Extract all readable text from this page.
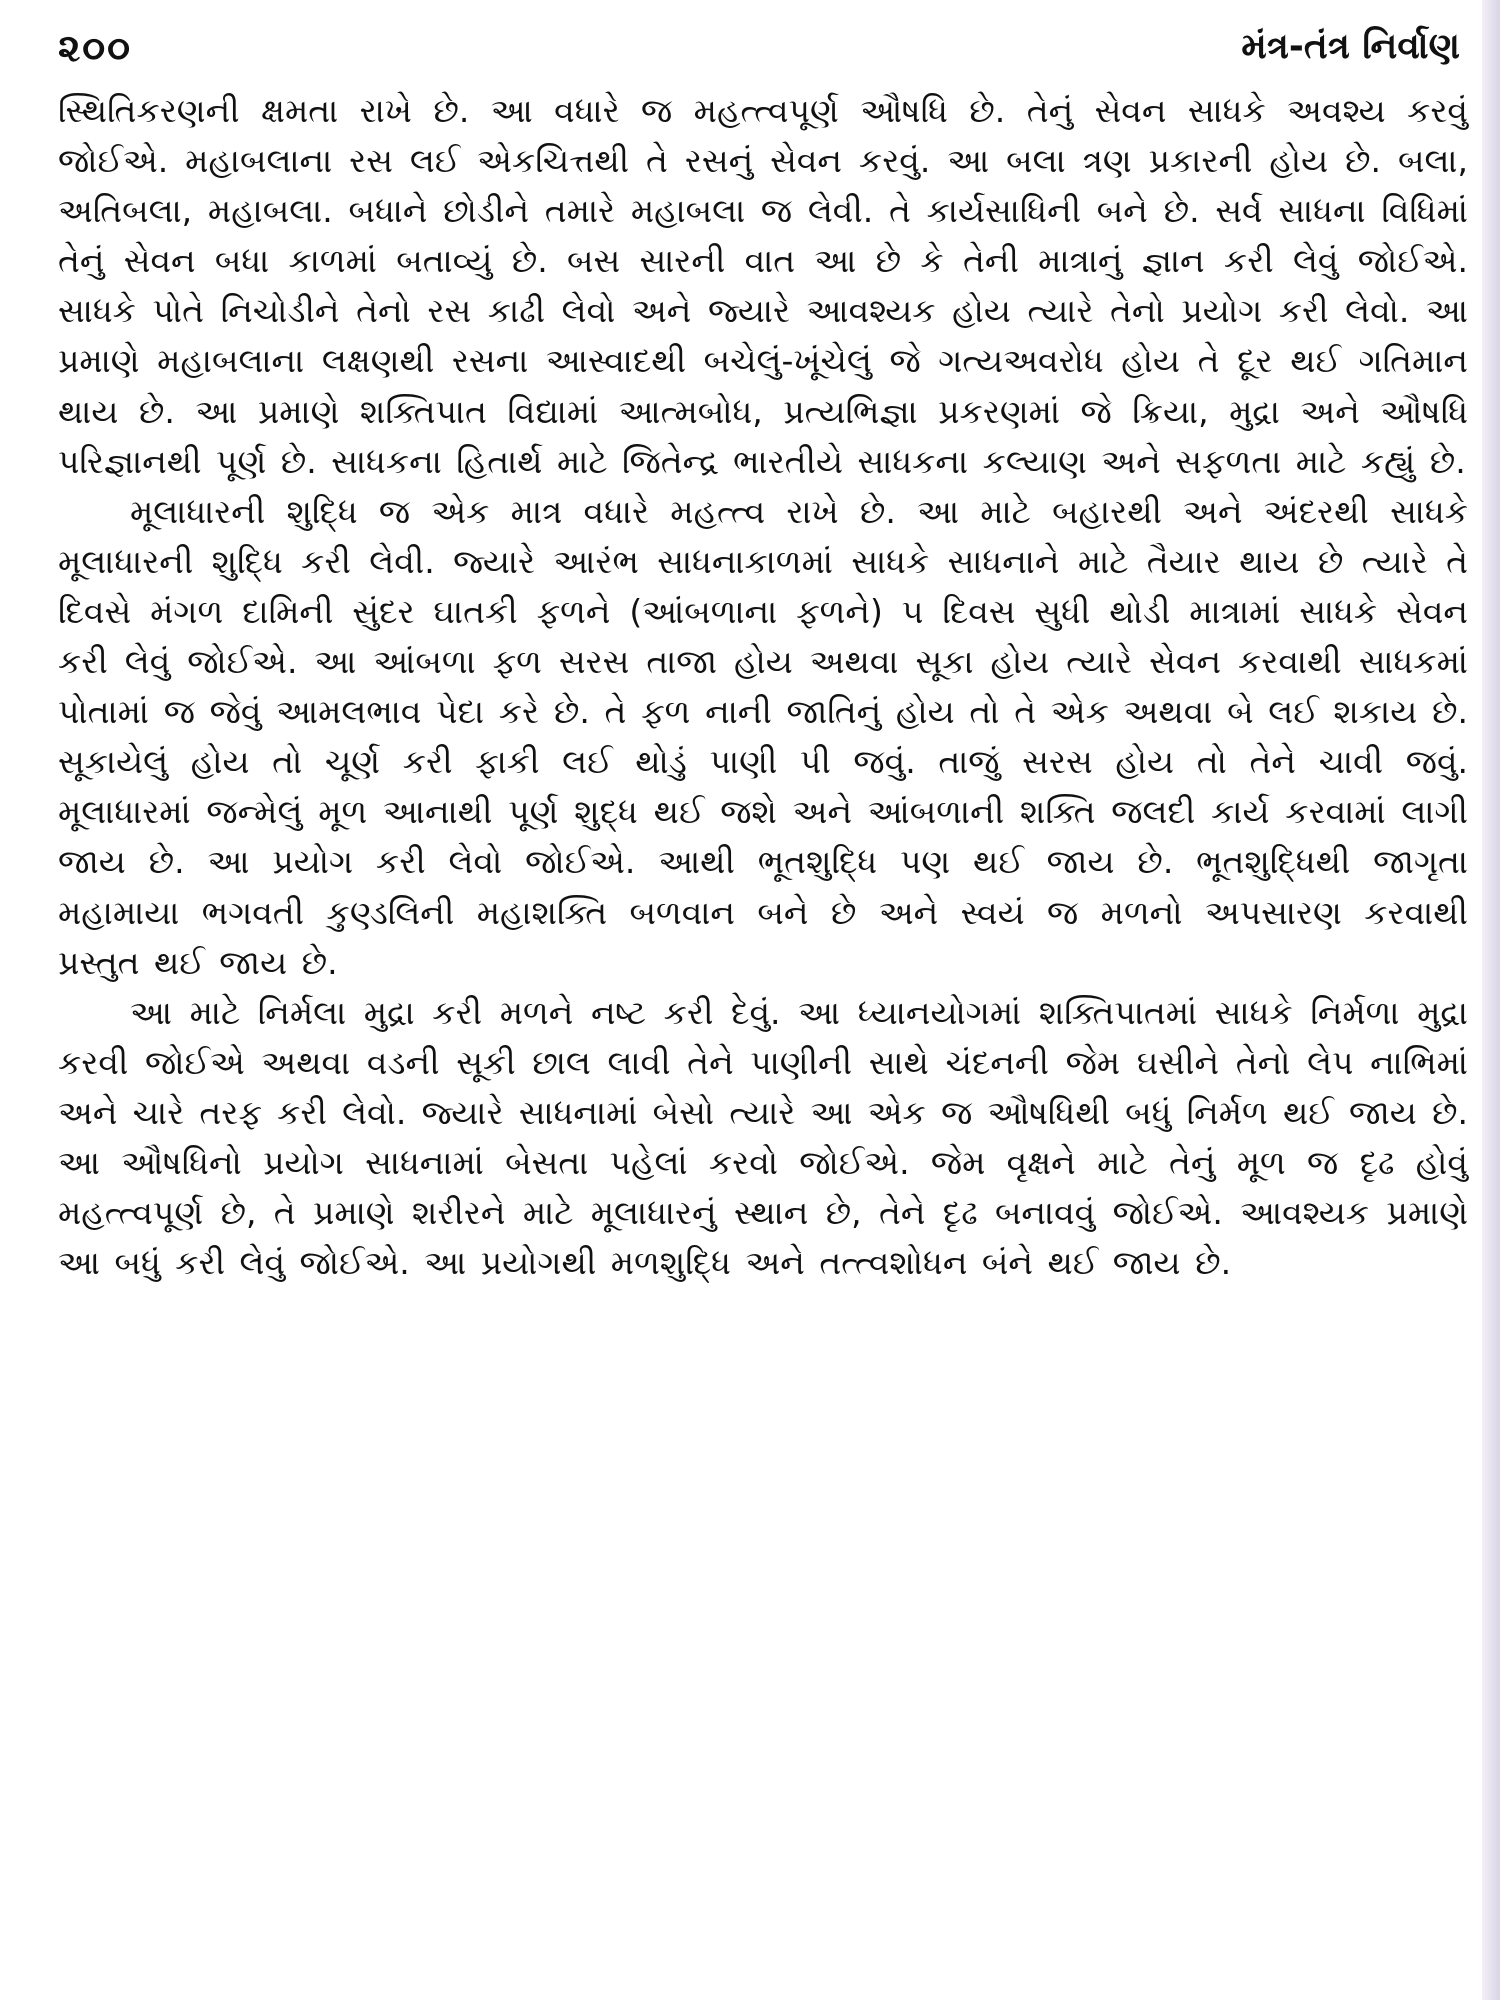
૨૦૦	મંત્ર-તંત્ર નિર્વાણ

સ્થિતિકરણની ક્ષમતા રાખે છે. આ વધારે જ મહત્ત્વપૂર્ણ ઔષધિ છે. તેનું સેવન સાધકે અવશ્ય કરવું જોઈએ. મહાબલાના રસ લઈ એકચિત્તથી તે રસનું સેવન કરવું. આ બલા ત્રણ પ્રકારની હોય છે. બલા, અતિબલા, મહાબલા. બધાને છોડીને તમારે મહાબલા જ લેવી. તે કાર્યસાધિની બને છે. સર્વ સાધના વિધિમાં તેનું સેવન બધા કાળમાં બતાવ્યું છે. બસ સારની વાત આ છે કે તેની માત્રાનું જ્ઞાન કરી લેવું જોઈએ. સાધકે પોતે નિચોડીને તેનો રસ કાઢી લેવો અને જ્યારે આવશ્યક હોય ત્યારે તેનો પ્રયોગ કરી લેવો. આ પ્રમાણે મહાબલાના લક્ષણથી રસના આસ્વાદથી બચેલું-ખૂંચેલું જે ગત્યઅવરોધ હોય તે દૂર થઈ ગતિમાન થાય છે. આ પ્રમાણે શક્તિપાત વિદ્યામાં આત્મબોધ, પ્રત્યભિજ્ઞા પ્રકરણમાં જે ક્રિયા, મુદ્રા અને ઔષધિ પરિજ્ઞાનથી પૂર્ણ છે. સાધકના હિતાર્થ માટે જિતેન્દ્ર ભારતીયે સાધકના કલ્યાણ અને સફળતા માટે કહ્યું છે.

મૂલાધારની શુદ્ધિ જ એક માત્ર વધારે મહત્ત્વ રાખે છે. આ માટે બહારથી અને અંદરથી સાધકે મૂલાધારની શુદ્ધિ કરી લેવી. જ્યારે આરંભ સાધનાકાળમાં સાધકે સાધનાને માટે તૈયાર થાય છે ત્યારે તે દિવસે મંગળ દામિની સુંદર ઘાતકી ફળને (આંબળાના ફળને) ૫ દિવસ સુધી થોડી માત્રામાં સાધકે સેવન કરી લેવું જોઈએ. આ આંબળા ફળ સરસ તાજા હોય અથવા સૂકા હોય ત્યારે સેવન કરવાથી સાધકમાં પોતામાં જ જેવું આમલભાવ પેદા કરે છે. તે ફળ નાની જાતિનું હોય તો તે એક અથવા બે લઈ શકાય છે. સૂકાયેલું હોય તો ચૂર્ણ કરી ફાકી લઈ થોડું પાણી પી જવું. તાજું સરસ હોય તો તેને ચાવી જવું. મૂલાધારમાં જન્મેલું મૂળ આનાથી પૂર્ણ શુદ્ધ થઈ જશે અને આંબળાની શક્તિ જલદી કાર્ય કરવામાં લાગી જાય છે. આ પ્રયોગ કરી લેવો જોઈએ. આથી ભૂતશુદ્ધિ પણ થઈ જાય છે. ભૂતશુદ્ધિથી જાગૃતા મહામાયા ભગવતી કુણ્ડલિની મહાશક્તિ બળવાન બને છે અને સ્વયં જ મળનો અપસારણ કરવાથી પ્રસ્તુત થઈ જાય છે.

આ માટે નિર્મલા મુદ્રા કરી મળને નષ્ટ કરી દેવું. આ ધ્યાનયોગમાં શક્તિપાતમાં સાધકે નિર્મળા મુદ્રા કરવી જોઈએ અથવા વડની સૂકી છાલ લાવી તેને પાણીની સાથે ચંદનની જેમ ઘસીને તેનો લેપ નાભિમાં અને ચારે તરફ કરી લેવો. જ્યારે સાધનામાં બેસો ત્યારે આ એક જ ઔષધિથી બધું નિર્મળ થઈ જાય છે. આ ઔષધિનો પ્રયોગ સાધનામાં બેસતા પહેલાં કરવો જોઈએ. જેમ વૃક્ષને માટે તેનું મૂળ જ દૃઢ હોવું મહત્ત્વપૂર્ણ છે, તે પ્રમાણે શરીરને માટે મૂલાધારનું સ્થાન છે, તેને દૃઢ બનાવવું જોઈએ. આવશ્યક પ્રમાણે આ બધું કરી લેવું જોઈએ. આ પ્રયોગથી મળશુદ્ધિ અને તત્ત્વશોધન બંને થઈ જાય છે.
